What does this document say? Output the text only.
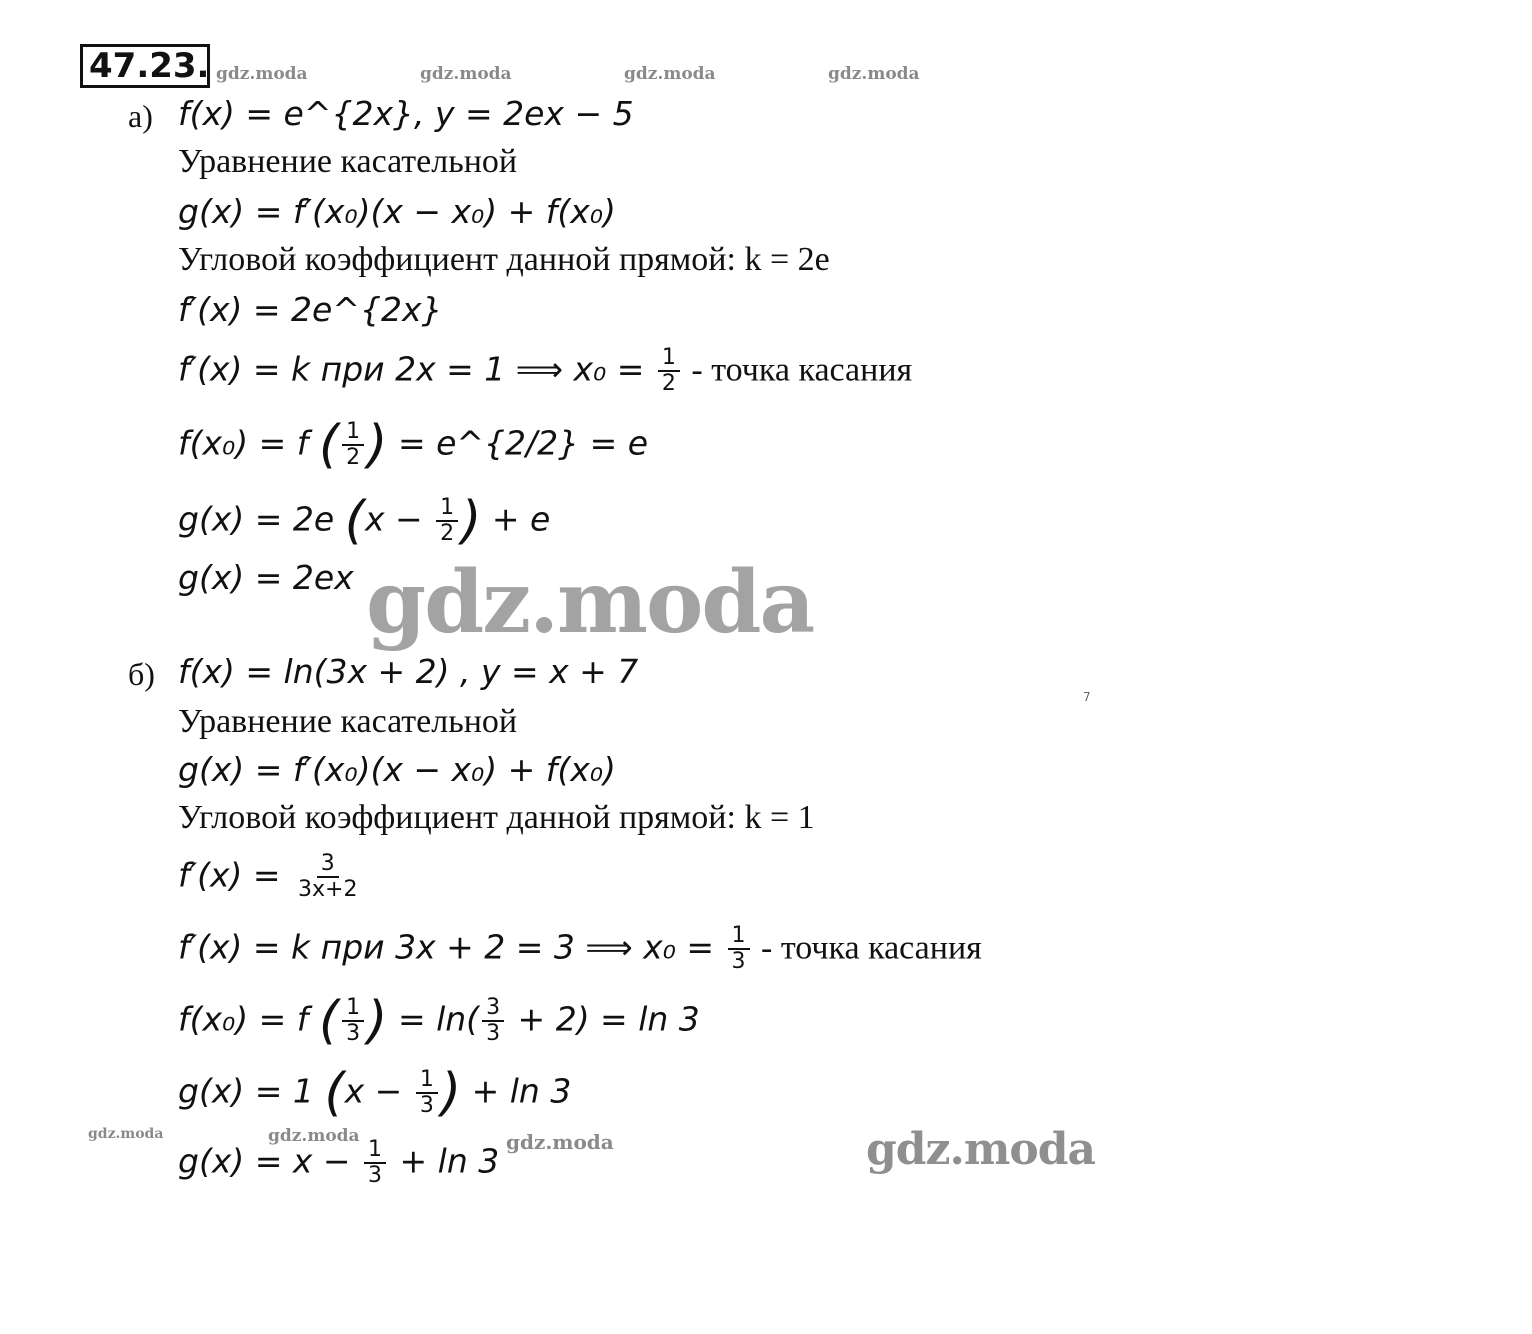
47.23. gdz.moda	gdz.moda	gdz.moda	gdz.moda
а) f(x) = e^{2x}, y = 2ex − 5
Уравнение касательной
g(x) = f′(x₀)(x − x₀) + f(x₀)
Угловой коэффициент данной прямой: k = 2e
f′(x) = 2e^{2x}
f′(x) = k при 2x = 1 ⟹ $x_0 = \frac{1}{2}$ - точка касания
f(x₀) = f ( $\frac{1}{2}$ ) = e^{2/2} = e
g(x) = 2e ($x - \frac{1}{2}$ ) + e
g(x) = 2ex gdz.moda
б) f(x) = ln(3x + 2) , y = x + 7
7
Уравнение касательной
g(x) = f′(x₀)(x − x₀) + f(x₀)
Угловой коэффициент данной прямой: k = 1
$f'(x) = \frac{3}{3x+2}$
f′(x) = k при 3x + 2 = 3 ⟹ $x_0 = \frac{1}{3}$ - точка касания
f(x₀) = f ( $\frac{1}{3}$ ) = $\ln( \frac{3}{3} + 2) = \ln 3$
g(x) = 1 ($x - \frac{1}{3}$ ) + ln 3
gdz.moda	gdz.moda	gdz.moda
$g(x) = x - \frac{1}{3} + \ln 3$	gdz.moda
